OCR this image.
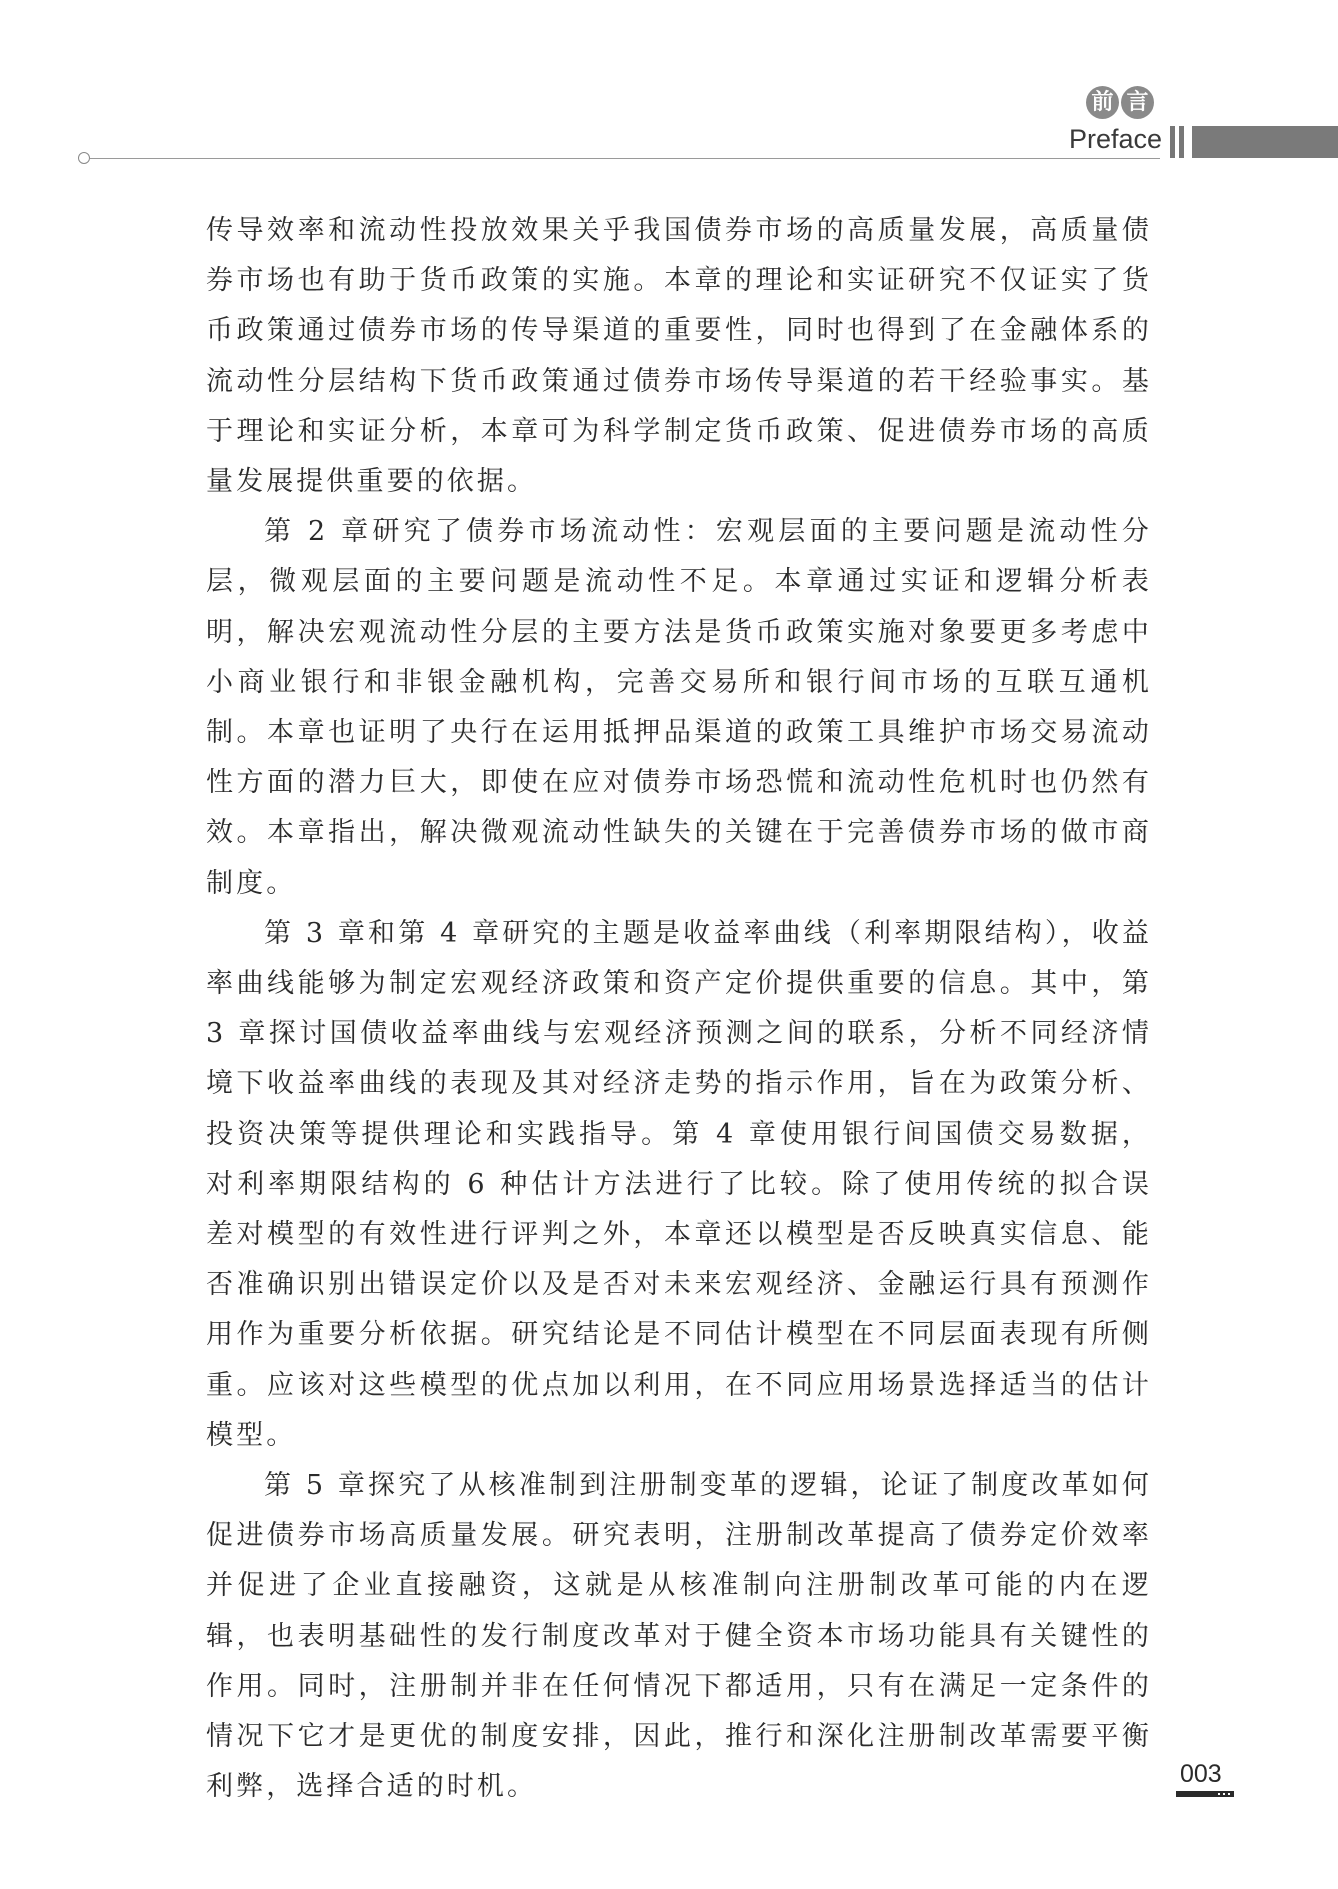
前 言
Preface

传导效率和流动性投放效果关乎我国债券市场的高质量发展，高质量债券市场也有助于货币政策的实施。本章的理论和实证研究不仅证实了货币政策通过债券市场的传导渠道的重要性，同时也得到了在金融体系的流动性分层结构下货币政策通过债券市场传导渠道的若干经验事实。基于理论和实证分析，本章可为科学制定货币政策、促进债券市场的高质量发展提供重要的依据。

第 2 章研究了债券市场流动性：宏观层面的主要问题是流动性分层，微观层面的主要问题是流动性不足。本章通过实证和逻辑分析表明，解决宏观流动性分层的主要方法是货币政策实施对象要更多考虑中小商业银行和非银金融机构，完善交易所和银行间市场的互联互通机制。本章也证明了央行在运用抵押品渠道的政策工具维护市场交易流动性方面的潜力巨大，即使在应对债券市场恐慌和流动性危机时也仍然有效。本章指出，解决微观流动性缺失的关键在于完善债券市场的做市商制度。

第 3 章和第 4 章研究的主题是收益率曲线（利率期限结构），收益率曲线能够为制定宏观经济政策和资产定价提供重要的信息。其中，第 3 章探讨国债收益率曲线与宏观经济预测之间的联系，分析不同经济情境下收益率曲线的表现及其对经济走势的指示作用，旨在为政策分析、投资决策等提供理论和实践指导。第 4 章使用银行间国债交易数据，对利率期限结构的 6 种估计方法进行了比较。除了使用传统的拟合误差对模型的有效性进行评判之外，本章还以模型是否反映真实信息、能否准确识别出错误定价以及是否对未来宏观经济、金融运行具有预测作用作为重要分析依据。研究结论是不同估计模型在不同层面表现有所侧重。应该对这些模型的优点加以利用，在不同应用场景选择适当的估计模型。

第 5 章探究了从核准制到注册制变革的逻辑，论证了制度改革如何促进债券市场高质量发展。研究表明，注册制改革提高了债券定价效率并促进了企业直接融资，这就是从核准制向注册制改革可能的内在逻辑，也表明基础性的发行制度改革对于健全资本市场功能具有关键性的作用。同时，注册制并非在任何情况下都适用，只有在满足一定条件的情况下它才是更优的制度安排，因此，推行和深化注册制改革需要平衡利弊，选择合适的时机。	003
